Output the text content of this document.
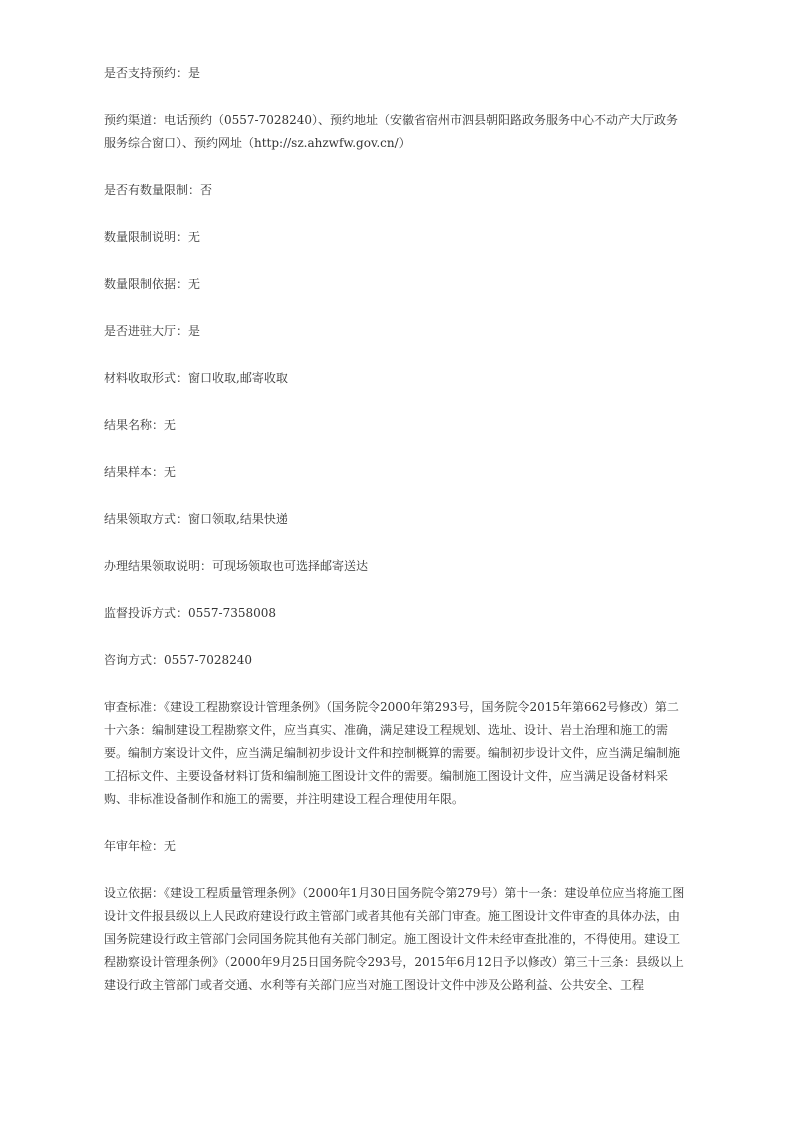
是否支持预约：是

预约渠道：电话预约（0557-7028240）、预约地址（安徽省宿州市泗县朝阳路政务服务中心不动产大厅政务服务综合窗口）、预约网址（http://sz.ahzwfw.gov.cn/）

是否有数量限制：否

数量限制说明：无

数量限制依据：无

是否进驻大厅：是

材料收取形式：窗口收取,邮寄收取

结果名称：无

结果样本：无

结果领取方式：窗口领取,结果快递

办理结果领取说明：可现场领取也可选择邮寄送达

监督投诉方式：0557-7358008

咨询方式：0557-7028240

审查标准：《建设工程勘察设计管理条例》（国务院令2000年第293号，国务院令2015年第662号修改）第二十六条：编制建设工程勘察文件，应当真实、准确，满足建设工程规划、选址、设计、岩土治理和施工的需要。编制方案设计文件，应当满足编制初步设计文件和控制概算的需要。编制初步设计文件，应当满足编制施工招标文件、主要设备材料订货和编制施工图设计文件的需要。编制施工图设计文件，应当满足设备材料采购、非标准设备制作和施工的需要，并注明建设工程合理使用年限。

年审年检：无

设立依据：《建设工程质量管理条例》（2000年1月30日国务院令第279号）第十一条：建设单位应当将施工图设计文件报县级以上人民政府建设行政主管部门或者其他有关部门审查。施工图设计文件审查的具体办法，由国务院建设行政主管部门会同国务院其他有关部门制定。施工图设计文件未经审查批准的，不得使用。建设工程勘察设计管理条例》（2000年9月25日国务院令293号，2015年6月12日予以修改）第三十三条：县级以上建设行政主管部门或者交通、水利等有关部门应当对施工图设计文件中涉及公路利益、公共安全、工程
